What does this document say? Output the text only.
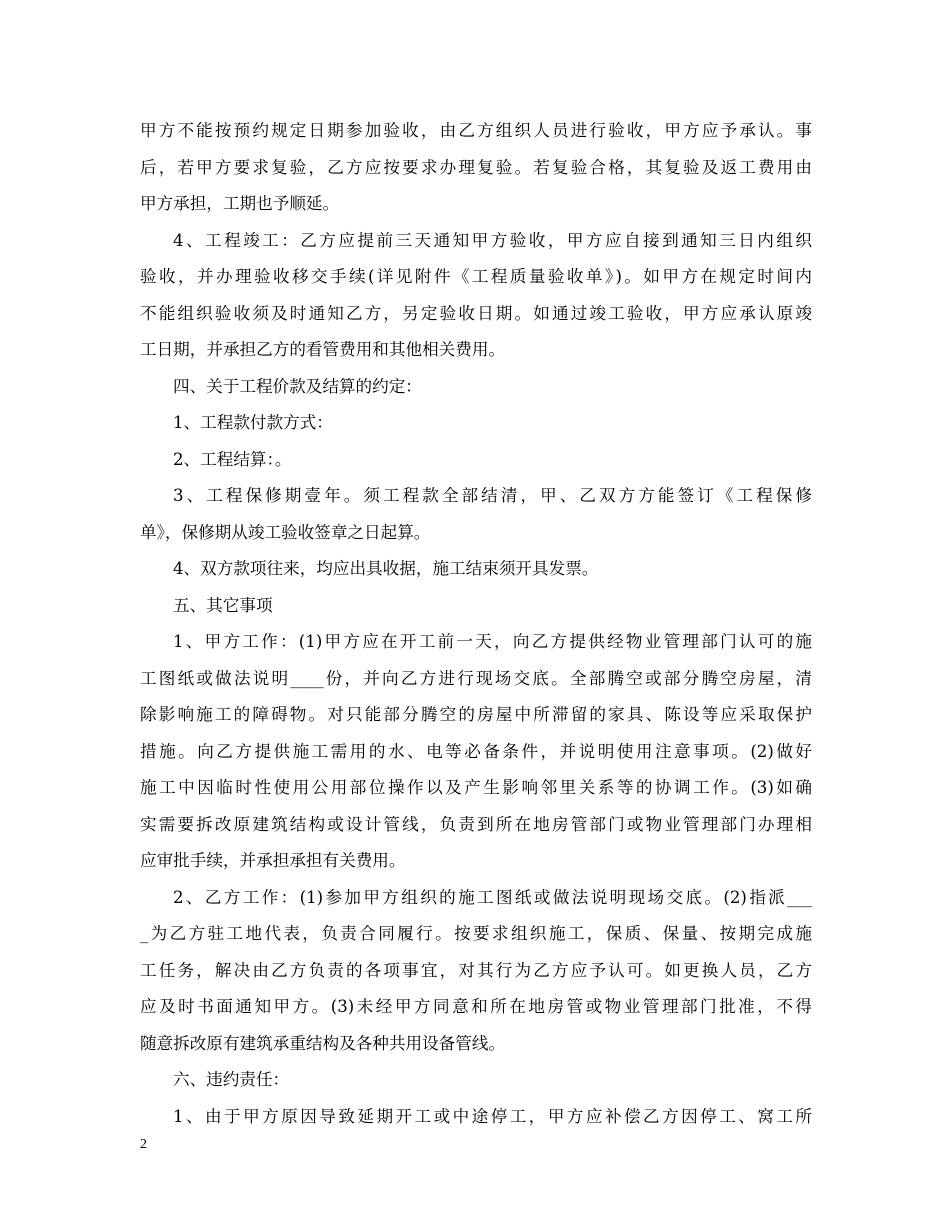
甲方不能按预约规定日期参加验收，由乙方组织人员进行验收，甲方应予承认。事
后，若甲方要求复验，乙方应按要求办理复验。若复验合格，其复验及返工费用由
甲方承担，工期也予顺延。
4、工程竣工：乙方应提前三天通知甲方验收，甲方应自接到通知三日内组织
验收，并办理验收移交手续(详见附件《工程质量验收单》)。如甲方在规定时间内
不能组织验收须及时通知乙方，另定验收日期。如通过竣工验收，甲方应承认原竣
工日期，并承担乙方的看管费用和其他相关费用。
四、关于工程价款及结算的约定：
1、工程款付款方式：
2、工程结算：。
3、工程保修期壹年。须工程款全部结清，甲、乙双方方能签订《工程保修
单》，保修期从竣工验收签章之日起算。
4、双方款项往来，均应出具收据，施工结束须开具发票。
五、其它事项
1、甲方工作：(1)甲方应在开工前一天，向乙方提供经物业管理部门认可的施
工图纸或做法说明____份，并向乙方进行现场交底。全部腾空或部分腾空房屋，清
除影响施工的障碍物。对只能部分腾空的房屋中所滞留的家具、陈设等应采取保护
措施。向乙方提供施工需用的水、电等必备条件，并说明使用注意事项。(2)做好
施工中因临时性使用公用部位操作以及产生影响邻里关系等的协调工作。(3)如确
实需要拆改原建筑结构或设计管线，负责到所在地房管部门或物业管理部门办理相
应审批手续，并承担承担有关费用。
2、乙方工作：(1)参加甲方组织的施工图纸或做法说明现场交底。(2)指派___
_为乙方驻工地代表，负责合同履行。按要求组织施工，保质、保量、按期完成施
工任务，解决由乙方负责的各项事宜，对其行为乙方应予认可。如更换人员，乙方
应及时书面通知甲方。(3)未经甲方同意和所在地房管或物业管理部门批准，不得
随意拆改原有建筑承重结构及各种共用设备管线。
六、违约责任：
1、由于甲方原因导致延期开工或中途停工，甲方应补偿乙方因停工、窝工所
2
